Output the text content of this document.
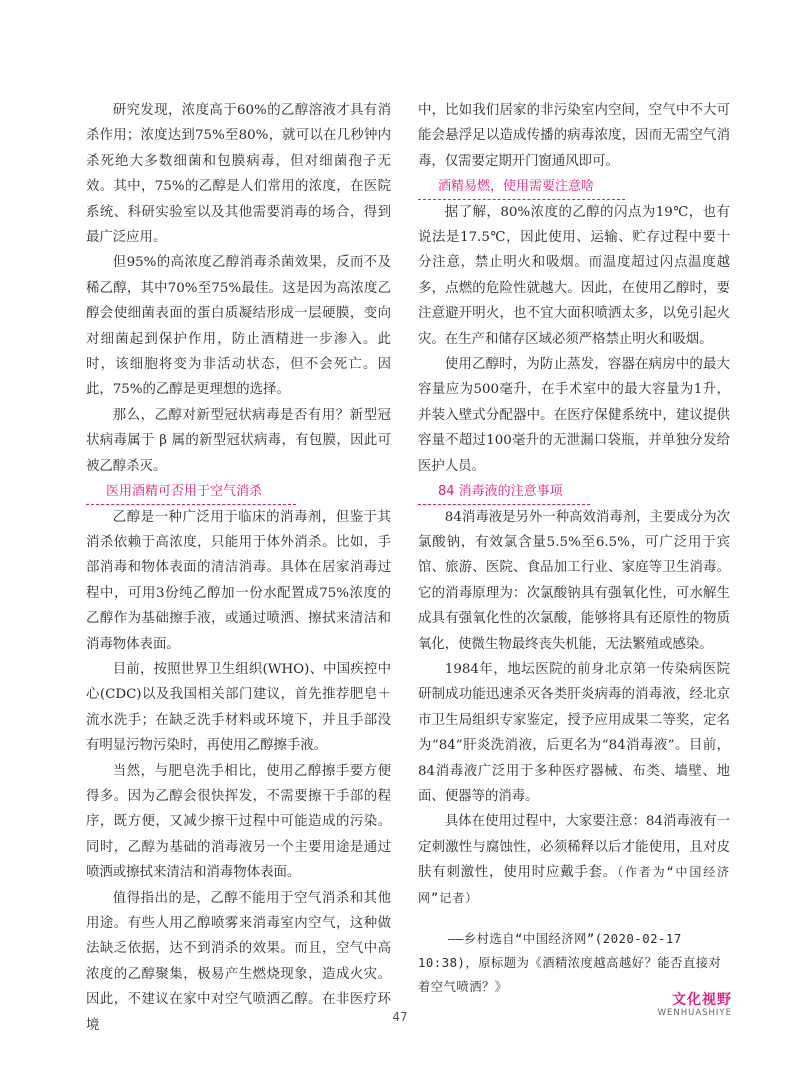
研究发现，浓度高于60%的乙醇溶液才具有消杀作用；浓度达到75%至80%，就可以在几秒钟内杀死绝大多数细菌和包膜病毒，但对细菌孢子无效。其中，75%的乙醇是人们常用的浓度，在医院系统、科研实验室以及其他需要消毒的场合，得到最广泛应用。

但95%的高浓度乙醇消毒杀菌效果，反而不及稀乙醇，其中70%至75%最佳。这是因为高浓度乙醇会使细菌表面的蛋白质凝结形成一层硬膜，变向对细菌起到保护作用，防止酒精进一步渗入。此时，该细胞将变为非活动状态，但不会死亡。因此，75%的乙醇是更理想的选择。

那么，乙醇对新型冠状病毒是否有用？新型冠状病毒属于 β 属的新型冠状病毒，有包膜，因此可被乙醇杀灭。

医用酒精可否用于空气消杀

乙醇是一种广泛用于临床的消毒剂，但鉴于其消杀依赖于高浓度，只能用于体外消杀。比如，手部消毒和物体表面的清洁消毒。具体在居家消毒过程中，可用3份纯乙醇加一份水配置成75%浓度的乙醇作为基础擦手液，或通过喷洒、擦拭来清洁和消毒物体表面。

目前，按照世界卫生组织(WHO)、中国疾控中心(CDC)以及我国相关部门建议，首先推荐肥皂＋流水洗手；在缺乏洗手材料或环境下，并且手部没有明显污物污染时，再使用乙醇擦手液。

当然，与肥皂洗手相比，使用乙醇擦手要方便得多。因为乙醇会很快挥发，不需要擦干手部的程序，既方便，又减少擦干过程中可能造成的污染。同时，乙醇为基础的消毒液另一个主要用途是通过喷洒或擦拭来清洁和消毒物体表面。

值得指出的是，乙醇不能用于空气消杀和其他用途。有些人用乙醇喷雾来消毒室内空气，这种做法缺乏依据，达不到消杀的效果。而且，空气中高浓度的乙醇聚集，极易产生燃烧现象，造成火灾。因此，不建议在家中对空气喷洒乙醇。在非医疗环境

中，比如我们居家的非污染室内空间，空气中不大可能会悬浮足以造成传播的病毒浓度，因而无需空气消毒，仅需要定期开门窗通风即可。

酒精易燃，使用需要注意啥

据了解，80%浓度的乙醇的闪点为19℃，也有说法是17.5℃，因此使用、运输、贮存过程中要十分注意，禁止明火和吸烟。而温度超过闪点温度越多，点燃的危险性就越大。因此，在使用乙醇时，要注意避开明火，也不宜大面积喷洒太多，以免引起火灾。在生产和储存区域必须严格禁止明火和吸烟。

使用乙醇时，为防止蒸发，容器在病房中的最大容量应为500毫升，在手术室中的最大容量为1升，并装入壁式分配器中。在医疗保健系统中，建议提供容量不超过100毫升的无泄漏口袋瓶，并单独分发给医护人员。

84 消毒液的注意事项

84消毒液是另外一种高效消毒剂，主要成分为次氯酸钠，有效氯含量5.5%至6.5%，可广泛用于宾馆、旅游、医院、食品加工行业、家庭等卫生消毒。它的消毒原理为：次氯酸钠具有强氧化性，可水解生成具有强氧化性的次氯酸，能够将具有还原性的物质氧化，使微生物最终丧失机能，无法繁殖或感染。

1984年，地坛医院的前身北京第一传染病医院研制成功能迅速杀灭各类肝炎病毒的消毒液，经北京市卫生局组织专家鉴定，授予应用成果二等奖，定名为“84”肝炎洗消液，后更名为“84消毒液”。目前，84消毒液广泛用于多种医疗器械、布类、墙壁、地面、便器等的消毒。

具体在使用过程中，大家要注意：84消毒液有一定刺激性与腐蚀性，必须稀释以后才能使用，且对皮肤有刺激性，使用时应戴手套。（作者为“中国经济网”记者）

——乡村选自“中国经济网”(2020-02-17 10:38)，原标题为《酒精浓度越高越好？能否直接对着空气喷洒？》
47
文化视野
WENHUASHIYE
